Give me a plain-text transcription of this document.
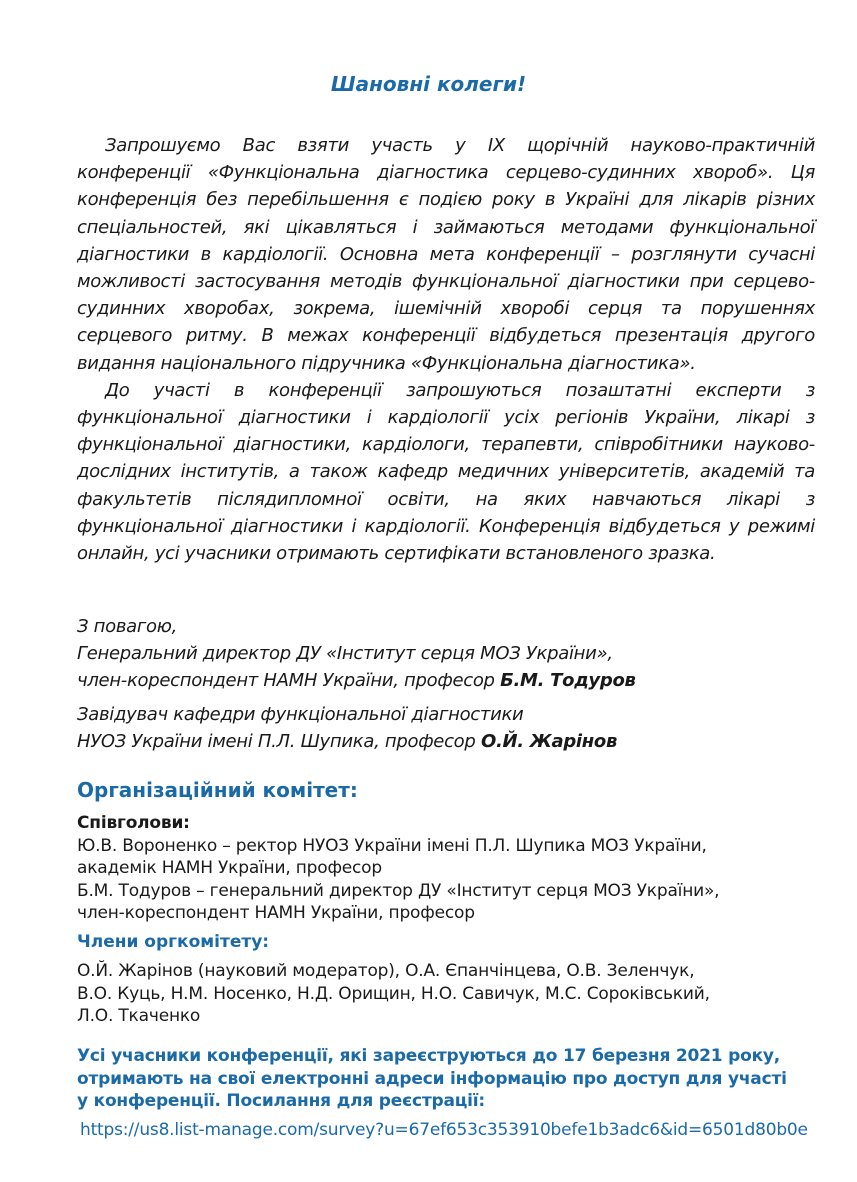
Шановні колеги!

Запрошуємо Вас взяти участь у IX щорічній науково-практичній конференції «Функціональна діагностика серцево-судинних хвороб». Ця конференція без перебільшення є подією року в Україні для лікарів різних спеціальностей, які цікавляться і займаються методами функціональної діагностики в кардіології. Основна мета конференції – розглянути сучасні можливості застосування методів функціональної діагностики при серцево-судинних хворобах, зокрема, ішемічній хворобі серця та порушеннях серцевого ритму. В межах конференції відбудеться презентація другого видання національного підручника «Функціональна діагностика».

До участі в конференції запрошуються позаштатні експерти з функціональної діагностики і кардіології усіх регіонів України, лікарі з функціональної діагностики, кардіологи, терапевти, співробітники науково-дослідних інститутів, а також кафедр медичних університетів, академій та факультетів післядипломної освіти, на яких навчаються лікарі з функціональної діагностики і кардіології. Конференція відбудеться у режимі онлайн, усі учасники отримають сертифікати встановленого зразка.

З повагою,
Генеральний директор ДУ «Інститут серця МОЗ України»,
член-кореспондент НАМН України, професор Б.М. Тодуров
Завідувач кафедри функціональної діагностики
НУОЗ України імені П.Л. Шупика, професор О.Й. Жарінов
Організаційний комітет:
Співголови:
Ю.В. Вороненко – ректор НУОЗ України імені П.Л. Шупика МОЗ України,
академік НАМН України, професор
Б.М. Тодуров – генеральний директор ДУ «Інститут серця МОЗ України»,
член-кореспондент НАМН України, професор
Члени оргкомітету:
О.Й. Жарінов (науковий модератор), О.А. Єпанчінцева, О.В. Зеленчук,
В.О. Куць, Н.М. Носенко, Н.Д. Орищин, Н.О. Савичук, М.С. Сороківський,
Л.О. Ткаченко
Усі учасники конференції, які зареєструються до 17 березня 2021 року,
отримають на свої електронні адреси інформацію про доступ для участі
у конференції. Посилання для реєстрації:
https://us8.list-manage.com/survey?u=67ef653c353910befe1b3adc6&id=6501d80b0e
